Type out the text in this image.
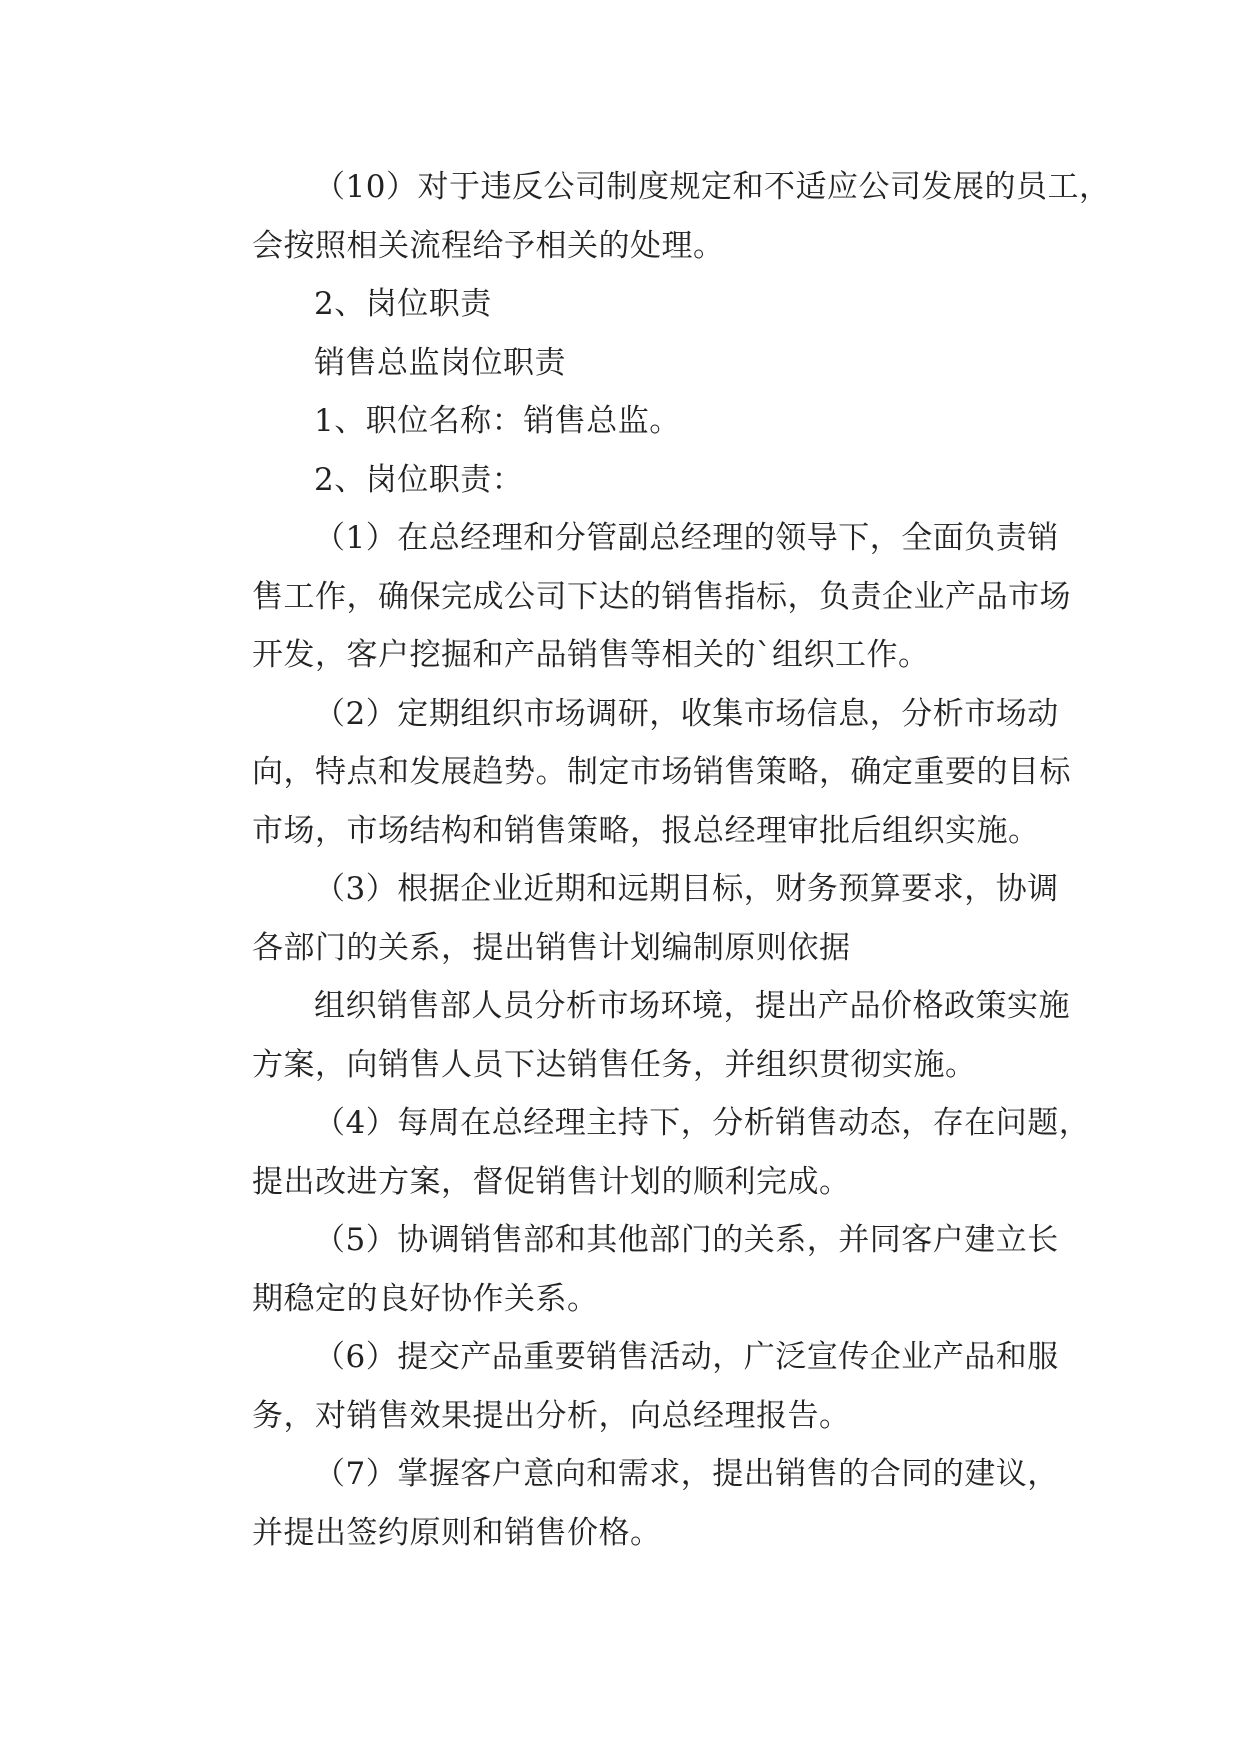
（10）对于违反公司制度规定和不适应公司发展的员工，
会按照相关流程给予相关的处理。

2、岗位职责

销售总监岗位职责

1、职位名称：销售总监。

2、岗位职责：

（1）在总经理和分管副总经理的领导下，全面负责销
售工作，确保完成公司下达的销售指标，负责企业产品市场
开发，客户挖掘和产品销售等相关的`组织工作。

（2）定期组织市场调研，收集市场信息，分析市场动
向，特点和发展趋势。制定市场销售策略，确定重要的目标
市场，市场结构和销售策略，报总经理审批后组织实施。

（3）根据企业近期和远期目标，财务预算要求，协调
各部门的关系，提出销售计划编制原则依据

组织销售部人员分析市场环境，提出产品价格政策实施
方案，向销售人员下达销售任务，并组织贯彻实施。

（4）每周在总经理主持下，分析销售动态，存在问题，
提出改进方案，督促销售计划的顺利完成。

（5）协调销售部和其他部门的关系，并同客户建立长
期稳定的良好协作关系。

（6）提交产品重要销售活动，广泛宣传企业产品和服
务，对销售效果提出分析，向总经理报告。

（7）掌握客户意向和需求，提出销售的合同的建议，
并提出签约原则和销售价格。
